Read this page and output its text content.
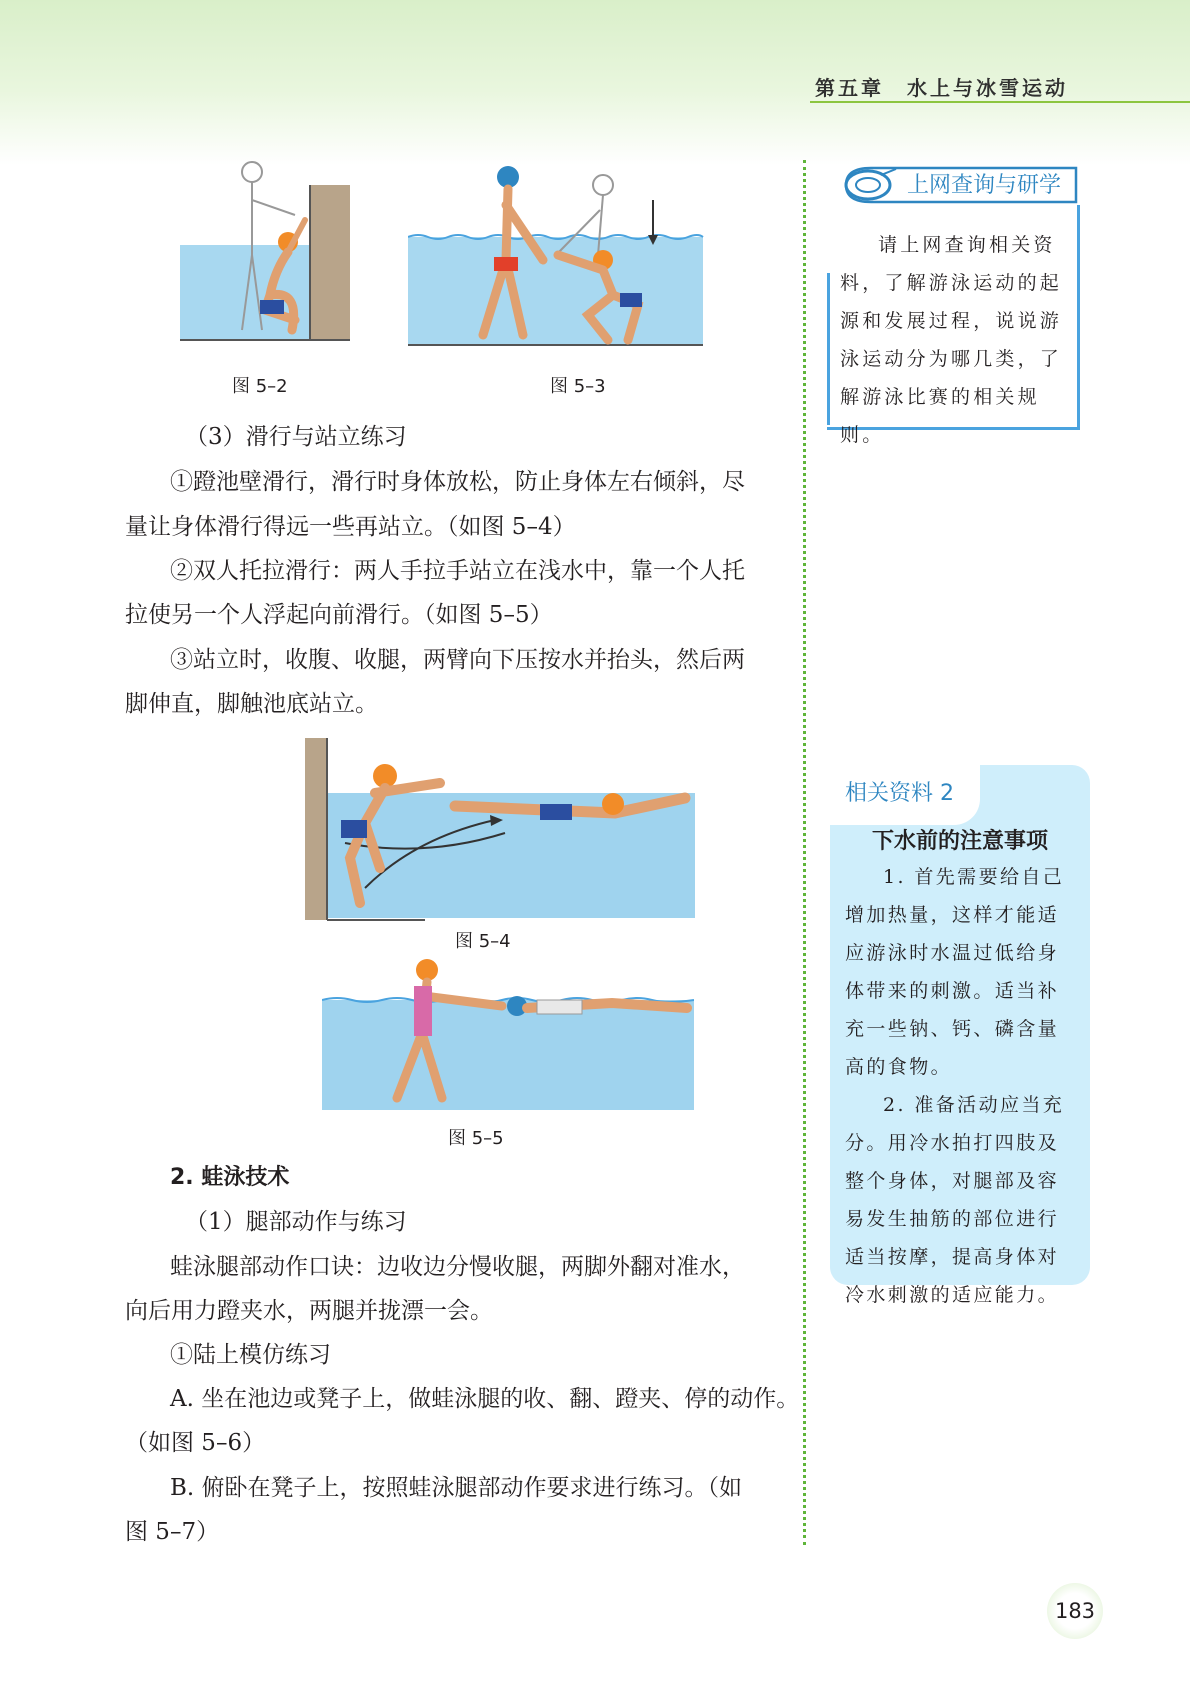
第五章　水上与冰雪运动
图 5–2	图 5–3
（3）滑行与站立练习
①蹬池壁滑行，滑行时身体放松，防止身体左右倾斜，尽
量让身体滑行得远一些再站立。（如图 5–4）
②双人托拉滑行：两人手拉手站立在浅水中，靠一个人托
拉使另一个人浮起向前滑行。（如图 5–5）
③站立时，收腹、收腿，两臂向下压按水并抬头，然后两
脚伸直，脚触池底站立。
图 5–4
图 5–5
2. 蛙泳技术
（1）腿部动作与练习
蛙泳腿部动作口诀：边收边分慢收腿，两脚外翻对准水，
向后用力蹬夹水，两腿并拢漂一会。
①陆上模仿练习
A. 坐在池边或凳子上，做蛙泳腿的收、翻、蹬夹、停的动作。
（如图 5–6）
B. 俯卧在凳子上，按照蛙泳腿部动作要求进行练习。（如
图 5–7）
上网查询与研学
请上网查询相关资料，了解游泳运动的起源和发展过程，说说游泳运动分为哪几类，了解游泳比赛的相关规则。
相关资料 2
下水前的注意事项

1. 首先需要给自己增加热量，这样才能适应游泳时水温过低给身体带来的刺激。适当补充一些钠、钙、磷含量高的食物。

2. 准备活动应当充分。用冷水拍打四肢及整个身体，对腿部及容易发生抽筋的部位进行适当按摩，提高身体对冷水刺激的适应能力。

183
